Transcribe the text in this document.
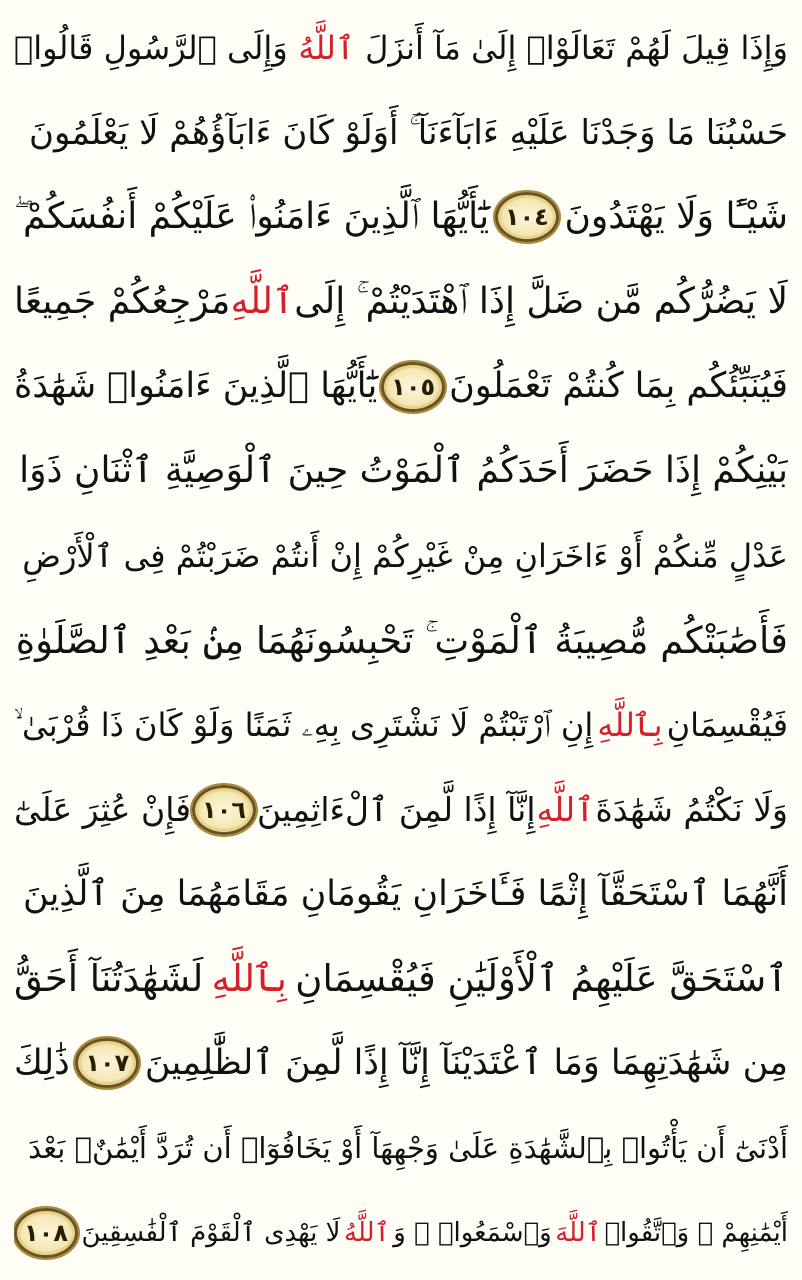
وَإِذَا قِيلَ لَهُمْ تَعَالَوْا۟ إِلَىٰ مَآ أَنزَلَ
ٱللَّهُ
وَإِلَى ٱلرَّسُولِ قَالُوا۟
حَسْبُنَا مَا وَجَدْنَا عَلَيْهِ ءَابَآءَنَآ ۚ أَوَلَوْ كَانَ ءَابَآؤُهُمْ لَا يَعْلَمُونَ
شَيْـًٔا وَلَا يَهْتَدُونَ
١٠٤
يَٰٓأَيُّهَا ٱلَّذِينَ ءَامَنُوا۟ عَلَيْكُمْ أَنفُسَكُمْ ۖ
لَا يَضُرُّكُم مَّن ضَلَّ إِذَا ٱهْتَدَيْتُمْ ۚ إِلَى
ٱللَّهِ
مَرْجِعُكُمْ جَمِيعًا
فَيُنَبِّئُكُم بِمَا كُنتُمْ تَعْمَلُونَ
١٠٥
يَٰٓأَيُّهَا ٱلَّذِينَ ءَامَنُوا۟ شَهَٰدَةُ
بَيْنِكُمْ إِذَا حَضَرَ أَحَدَكُمُ ٱلْمَوْتُ حِينَ ٱلْوَصِيَّةِ ٱثْنَانِ ذَوَا
عَدْلٍ مِّنكُمْ أَوْ ءَاخَرَانِ مِنْ غَيْرِكُمْ إِنْ أَنتُمْ ضَرَبْتُمْ فِى ٱلْأَرْضِ
فَأَصَٰبَتْكُم مُّصِيبَةُ ٱلْمَوْتِ ۚ تَحْبِسُونَهُمَا مِنۢ بَعْدِ ٱلصَّلَوٰةِ
فَيُقْسِمَانِ
بِٱللَّهِ
إِنِ ٱرْتَبْتُمْ لَا نَشْتَرِى بِهِۦ ثَمَنًا وَلَوْ كَانَ ذَا قُرْبَىٰ ۙ
وَلَا نَكْتُمُ شَهَٰدَةَ
ٱللَّهِ
إِنَّآ إِذًا لَّمِنَ ٱلْءَاثِمِينَ
١٠٦
فَإِنْ عُثِرَ عَلَىٰٓ
أَنَّهُمَا ٱسْتَحَقَّآ إِثْمًا فَـَٔاخَرَانِ يَقُومَانِ مَقَامَهُمَا مِنَ ٱلَّذِينَ
ٱسْتَحَقَّ عَلَيْهِمُ ٱلْأَوْلَيَٰنِ فَيُقْسِمَانِ
بِٱللَّهِ
لَشَهَٰدَتُنَآ أَحَقُّ
مِن شَهَٰدَتِهِمَا وَمَا ٱعْتَدَيْنَآ إِنَّآ إِذًا لَّمِنَ ٱلظَّٰلِمِينَ
١٠٧
ذَٰلِكَ
أَدْنَىٰٓ أَن يَأْتُوا۟ بِٱلشَّهَٰدَةِ عَلَىٰ وَجْهِهَآ أَوْ يَخَافُوٓا۟ أَن تُرَدَّ أَيْمَٰنٌۢ بَعْدَ
أَيْمَٰنِهِمْ ۗ وَٱتَّقُوا۟
ٱللَّهَ
وَٱسْمَعُوا۟ ۗ وَ
ٱللَّهُ
لَا يَهْدِى ٱلْقَوْمَ ٱلْفَٰسِقِينَ
١٠٨
